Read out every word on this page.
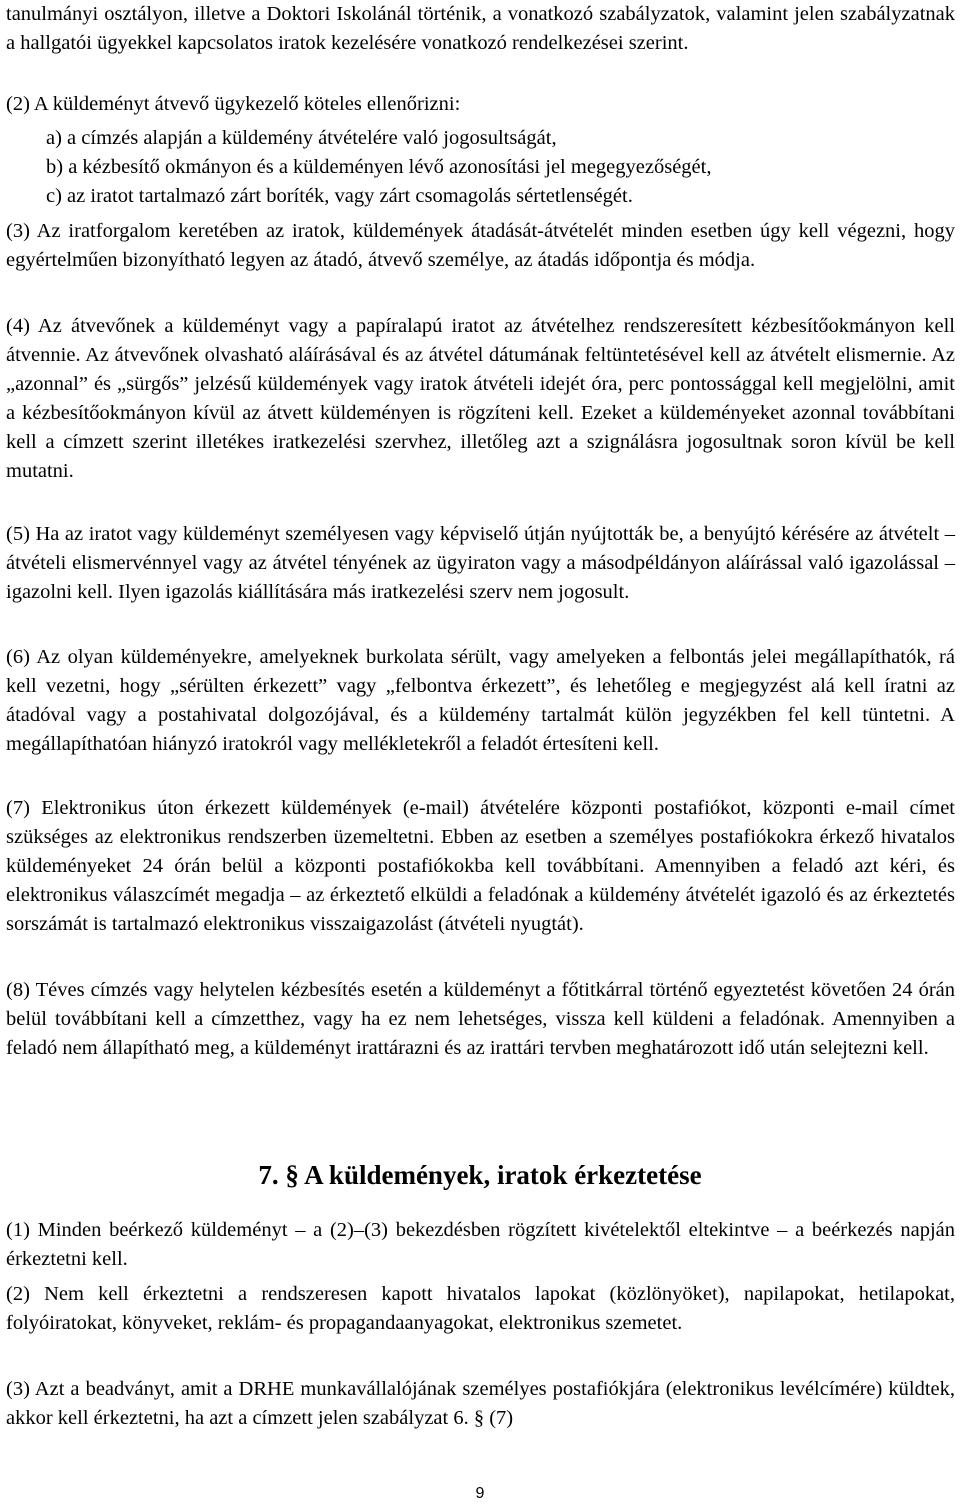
tanulmányi osztályon, illetve a Doktori Iskolánál történik, a vonatkozó szabályzatok, valamint jelen szabályzatnak a hallgatói ügyekkel kapcsolatos iratok kezelésére vonatkozó rendelkezései szerint.

(2) A küldeményt átvevő ügykezelő köteles ellenőrizni:

a) a címzés alapján a küldemény átvételére való jogosultságát,

b) a kézbesítő okmányon és a küldeményen lévő azonosítási jel megegyezőségét,

c) az iratot tartalmazó zárt boríték, vagy zárt csomagolás sértetlenségét.

(3) Az iratforgalom keretében az iratok, küldemények átadását-átvételét minden esetben úgy kell végezni, hogy egyértelműen bizonyítható legyen az átadó, átvevő személye, az átadás időpontja és módja.

(4) Az átvevőnek a küldeményt vagy a papíralapú iratot az átvételhez rendszeresített kézbesítőokmányon kell átvennie. Az átvevőnek olvasható aláírásával és az átvétel dátumának feltüntetésével kell az átvételt elismernie. Az „azonnal” és „sürgős” jelzésű küldemények vagy iratok átvételi idejét óra, perc pontossággal kell megjelölni, amit a kézbesítőokmányon kívül az átvett küldeményen is rögzíteni kell. Ezeket a küldeményeket azonnal továbbítani kell a címzett szerint illetékes iratkezelési szervhez, illetőleg azt a szignálásra jogosultnak soron kívül be kell mutatni.

(5) Ha az iratot vagy küldeményt személyesen vagy képviselő útján nyújtották be, a benyújtó kérésére az átvételt – átvételi elismervénnyel vagy az átvétel tényének az ügyiraton vagy a másodpéldányon aláírással való igazolással – igazolni kell. Ilyen igazolás kiállítására más iratkezelési szerv nem jogosult.

(6) Az olyan küldeményekre, amelyeknek burkolata sérült, vagy amelyeken a felbontás jelei megállapíthatók, rá kell vezetni, hogy „sérülten érkezett” vagy „felbontva érkezett”, és lehetőleg e megjegyzést alá kell íratni az átadóval vagy a postahivatal dolgozójával, és a küldemény tartalmát külön jegyzékben fel kell tüntetni. A megállapíthatóan hiányzó iratokról vagy mellékletekről a feladót értesíteni kell.

(7) Elektronikus úton érkezett küldemények (e-mail) átvételére központi postafiókot, központi e-mail címet szükséges az elektronikus rendszerben üzemeltetni. Ebben az esetben a személyes postafiókokra érkező hivatalos küldeményeket 24 órán belül a központi postafiókokba kell továbbítani. Amennyiben a feladó azt kéri, és elektronikus válaszcímét megadja – az érkeztető elküldi a feladónak a küldemény átvételét igazoló és az érkeztetés sorszámát is tartalmazó elektronikus visszaigazolást (átvételi nyugtát).

(8) Téves címzés vagy helytelen kézbesítés esetén a küldeményt a főtitkárral történő egyeztetést követően 24 órán belül továbbítani kell a címzetthez, vagy ha ez nem lehetséges, vissza kell küldeni a feladónak. Amennyiben a feladó nem állapítható meg, a küldeményt irattárazni és az irattári tervben meghatározott idő után selejtezni kell.

7. § A küldemények, iratok érkeztetése

(1) Minden beérkező küldeményt – a (2)–(3) bekezdésben rögzített kivételektől eltekintve – a beérkezés napján érkeztetni kell.

(2) Nem kell érkeztetni a rendszeresen kapott hivatalos lapokat (közlönyöket), napilapokat, hetilapokat, folyóiratokat, könyveket, reklám- és propagandaanyagokat, elektronikus szemetet.

(3) Azt a beadványt, amit a DRHE munkavállalójának személyes postafiókjára (elektronikus levélcímére) küldtek, akkor kell érkeztetni, ha azt a címzett jelen szabályzat 6. § (7)

9
